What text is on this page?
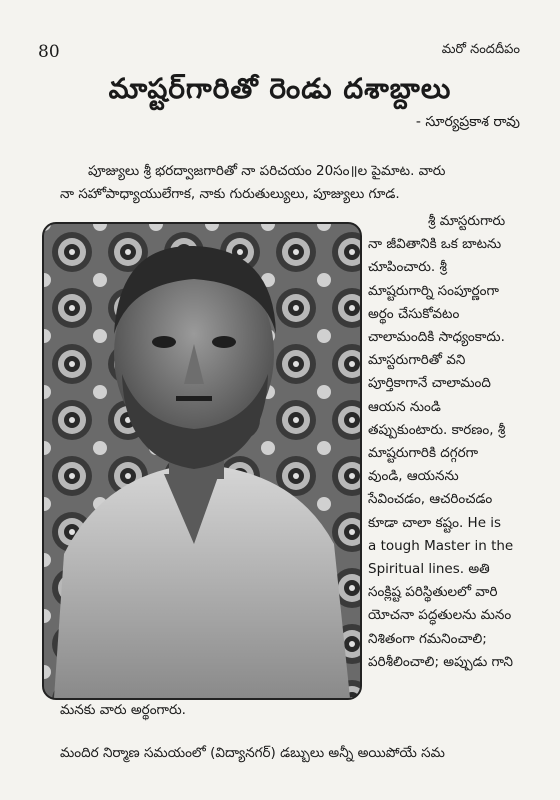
80	మరో నందదీపం
మాష్టర్‌గారితో రెండు దశాబ్దాలు
- సూర్యప్రకాశ రావు
పూజ్యులు శ్రీ భరద్వాజగారితో నా పరిచయం 20సం॥ల పైమాట. వారు
నా సహోపాధ్యాయులేగాక, నాకు గురుతుల్యులు, పూజ్యులు గూడ.
శ్రీ మాస్టరుగారు
నా జీవితానికి ఒక బాటను
చూపించారు. శ్రీ
మాష్టరుగార్ని సంపూర్ణంగా
అర్థం చేసుకోవటం
చాలామందికి సాధ్యంకాదు.
మాస్టరుగారితో వని
పూర్తికాగానే చాలామంది
ఆయన నుండి
తప్పుకుంటారు. కారణం, శ్రీ
మాష్టరుగారికి దగ్గరగా
వుండి, ఆయనను
సేవించడం, ఆచరించడం
కూడా చాలా కష్టం. He is
a tough Master in the
Spiritual lines. అతి
సంక్లిష్ట పరిస్థితులలో వారి
యోచనా పద్ధతులను మనం
నిశితంగా గమనించాలి;
పరిశీలించాలి; అప్పుడు గాని
మనకు వారు అర్థంగారు.
మందిర నిర్మాణ సమయంలో (విద్యానగర్) డబ్బులు అన్నీ అయిపోయే సమ
